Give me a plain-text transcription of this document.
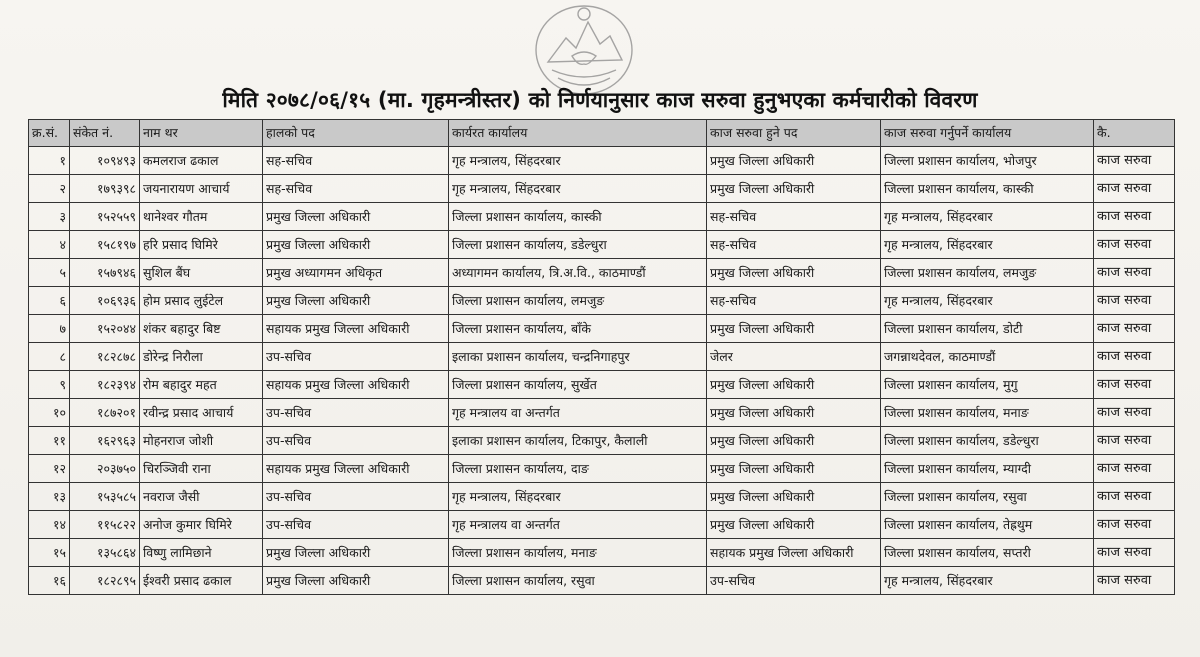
मिति २०७८/०६/१५ (मा. गृहमन्त्रीस्तर) को निर्णयानुसार काज सरुवा हुनुभएका कर्मचारीको विवरण
क्र.सं.	संकेत नं.	नाम थर	हालको पद	कार्यरत कार्यालय	काज सरुवा हुने पद	काज सरुवा गर्नुपर्ने कार्यालय	कै.
१	१०९४९३	कमलराज ढकाल	सह-सचिव	गृह मन्त्रालय, सिंहदरबार	प्रमुख जिल्ला अधिकारी	जिल्ला प्रशासन कार्यालय, भोजपुर	काज सरुवा
२	१७९३९८	जयनारायण आचार्य	सह-सचिव	गृह मन्त्रालय, सिंहदरबार	प्रमुख जिल्ला अधिकारी	जिल्ला प्रशासन कार्यालय, कास्की	काज सरुवा
३	१५२५५९	थानेश्वर गौतम	प्रमुख जिल्ला अधिकारी	जिल्ला प्रशासन कार्यालय, कास्की	सह-सचिव	गृह मन्त्रालय, सिंहदरबार	काज सरुवा
४	१५८१९७	हरि प्रसाद घिमिरे	प्रमुख जिल्ला अधिकारी	जिल्ला प्रशासन कार्यालय, डडेल्धुरा	सह-सचिव	गृह मन्त्रालय, सिंहदरबार	काज सरुवा
५	१५७९४६	सुशिल बैंघ	प्रमुख अध्यागमन अधिकृत	अध्यागमन कार्यालय, त्रि.अ.वि., काठमाण्डौं	प्रमुख जिल्ला अधिकारी	जिल्ला प्रशासन कार्यालय, लमजुङ	काज सरुवा
६	१०६९३६	होम प्रसाद लुईटेल	प्रमुख जिल्ला अधिकारी	जिल्ला प्रशासन कार्यालय, लमजुङ	सह-सचिव	गृह मन्त्रालय, सिंहदरबार	काज सरुवा
७	१५२०४४	शंकर बहादुर बिष्ट	सहायक प्रमुख जिल्ला अधिकारी	जिल्ला प्रशासन कार्यालय, बाँके	प्रमुख जिल्ला अधिकारी	जिल्ला प्रशासन कार्यालय, डोटी	काज सरुवा
८	१८२८७८	डोरेन्द्र निरौला	उप-सचिव	इलाका प्रशासन कार्यालय, चन्द्रनिगाहपुर	जेलर	जगन्नाथदेवल, काठमाण्डौं	काज सरुवा
९	१८२३९४	रोम बहादुर महत	सहायक प्रमुख जिल्ला अधिकारी	जिल्ला प्रशासन कार्यालय, सुर्खेत	प्रमुख जिल्ला अधिकारी	जिल्ला प्रशासन कार्यालय, मुगु	काज सरुवा
१०	१८७२०१	रवीन्द्र प्रसाद आचार्य	उप-सचिव	गृह मन्त्रालय वा अन्तर्गत	प्रमुख जिल्ला अधिकारी	जिल्ला प्रशासन कार्यालय, मनाङ	काज सरुवा
११	१६२९६३	मोहनराज जोशी	उप-सचिव	इलाका प्रशासन कार्यालय, टिकापुर, कैलाली	प्रमुख जिल्ला अधिकारी	जिल्ला प्रशासन कार्यालय, डडेल्धुरा	काज सरुवा
१२	२०३७५०	चिरञ्जिवी राना	सहायक प्रमुख जिल्ला अधिकारी	जिल्ला प्रशासन कार्यालय, दाङ	प्रमुख जिल्ला अधिकारी	जिल्ला प्रशासन कार्यालय, म्याग्दी	काज सरुवा
१३	१५३५८५	नवराज जैसी	उप-सचिव	गृह मन्त्रालय, सिंहदरबार	प्रमुख जिल्ला अधिकारी	जिल्ला प्रशासन कार्यालय, रसुवा	काज सरुवा
१४	११५८२२	अनोज कुमार घिमिरे	उप-सचिव	गृह मन्त्रालय वा अन्तर्गत	प्रमुख जिल्ला अधिकारी	जिल्ला प्रशासन कार्यालय, तेह्रथुम	काज सरुवा
१५	१३५८६४	विष्णु लामिछाने	प्रमुख जिल्ला अधिकारी	जिल्ला प्रशासन कार्यालय, मनाङ	सहायक प्रमुख जिल्ला अधिकारी	जिल्ला प्रशासन कार्यालय, सप्तरी	काज सरुवा
१६	१८२८९५	ईश्वरी प्रसाद ढकाल	प्रमुख जिल्ला अधिकारी	जिल्ला प्रशासन कार्यालय, रसुवा	उप-सचिव	गृह मन्त्रालय, सिंहदरबार	काज सरुवा
